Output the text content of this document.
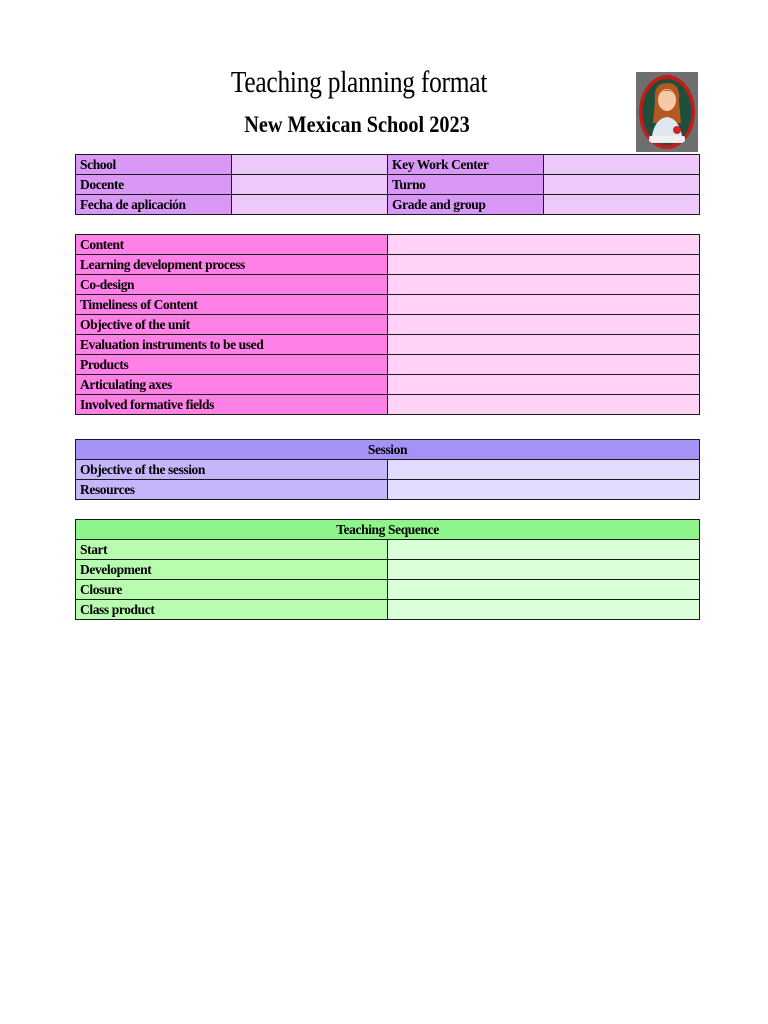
Teaching planning format
New Mexican School 2023
School		Key Work Center	
Docente		Turno	
Fecha de aplicación		Grade and group	
Content	
Learning development process	
Co-design	
Timeliness of Content	
Objective of the unit	
Evaluation instruments to be used	
Products	
Articulating axes	
Involved formative fields	
Session	
Objective of the session	
Resources	
Teaching Sequence	
Start	
Development	
Closure	
Class product	
